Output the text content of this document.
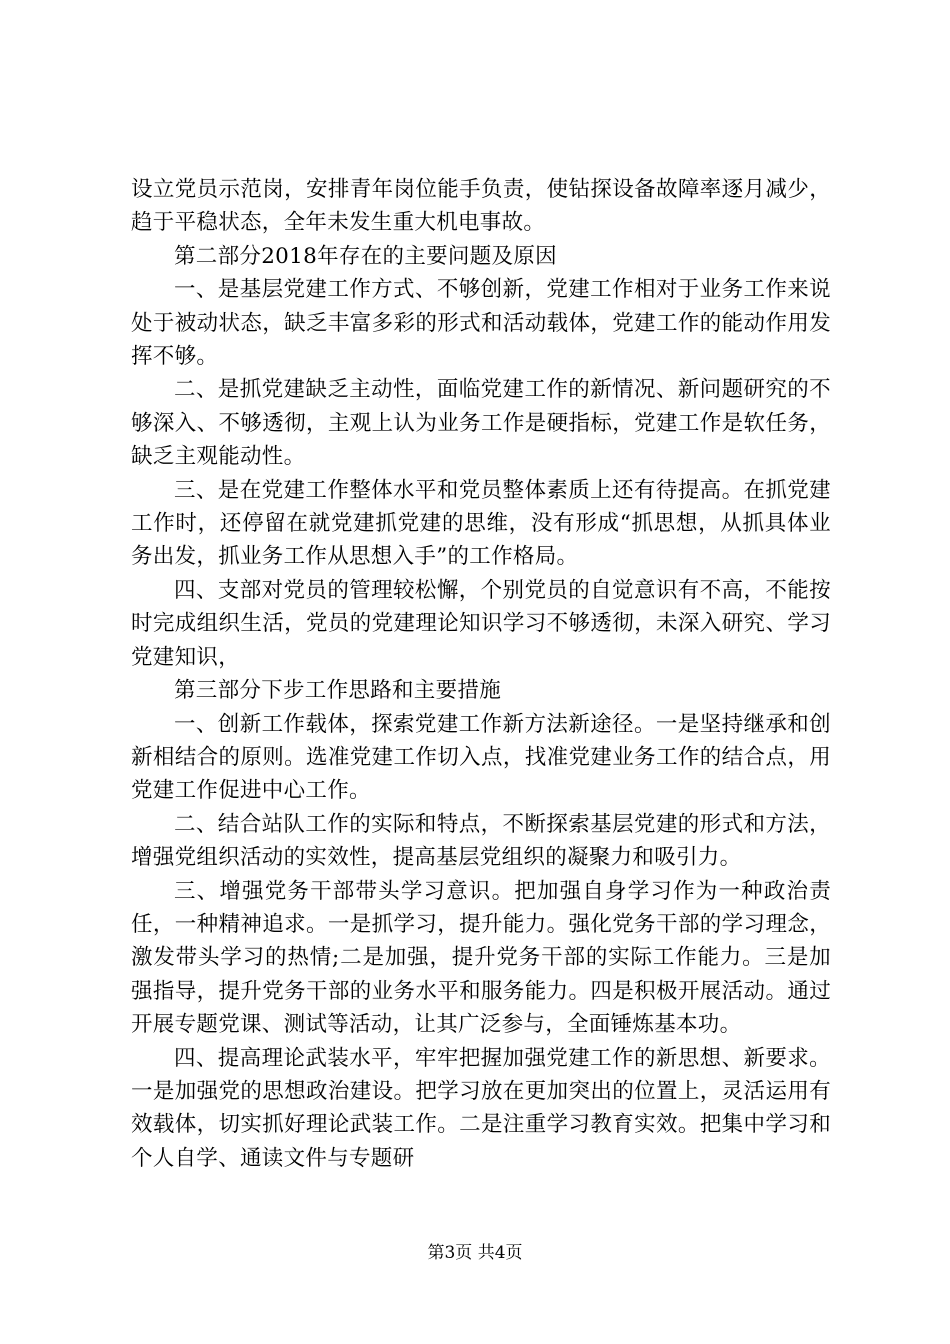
设立党员示范岗，安排青年岗位能手负责，使钻探设备故障率逐月减少，趋于平稳状态，全年未发生重大机电事故。

第二部分2018年存在的主要问题及原因

一、是基层党建工作方式、不够创新，党建工作相对于业务工作来说处于被动状态，缺乏丰富多彩的形式和活动载体，党建工作的能动作用发挥不够。

二、是抓党建缺乏主动性，面临党建工作的新情况、新问题研究的不够深入、不够透彻，主观上认为业务工作是硬指标，党建工作是软任务，缺乏主观能动性。

三、是在党建工作整体水平和党员整体素质上还有待提高。在抓党建工作时，还停留在就党建抓党建的思维，没有形成“抓思想，从抓具体业务出发，抓业务工作从思想入手”的工作格局。

四、支部对党员的管理较松懈，个别党员的自觉意识有不高，不能按时完成组织生活，党员的党建理论知识学习不够透彻，未深入研究、学习党建知识，

第三部分下步工作思路和主要措施

一、创新工作载体，探索党建工作新方法新途径。一是坚持继承和创新相结合的原则。选准党建工作切入点，找准党建业务工作的结合点，用党建工作促进中心工作。

二、结合站队工作的实际和特点，不断探索基层党建的形式和方法，增强党组织活动的实效性，提高基层党组织的凝聚力和吸引力。

三、增强党务干部带头学习意识。把加强自身学习作为一种政治责任，一种精神追求。一是抓学习，提升能力。强化党务干部的学习理念，激发带头学习的热情;二是加强，提升党务干部的实际工作能力。三是加强指导，提升党务干部的业务水平和服务能力。四是积极开展活动。通过开展专题党课、测试等活动，让其广泛参与，全面锤炼基本功。

四、提高理论武装水平，牢牢把握加强党建工作的新思想、新要求。一是加强党的思想政治建设。把学习放在更加突出的位置上，灵活运用有效载体，切实抓好理论武装工作。二是注重学习教育实效。把集中学习和个人自学、通读文件与专题研

第3页 共4页
